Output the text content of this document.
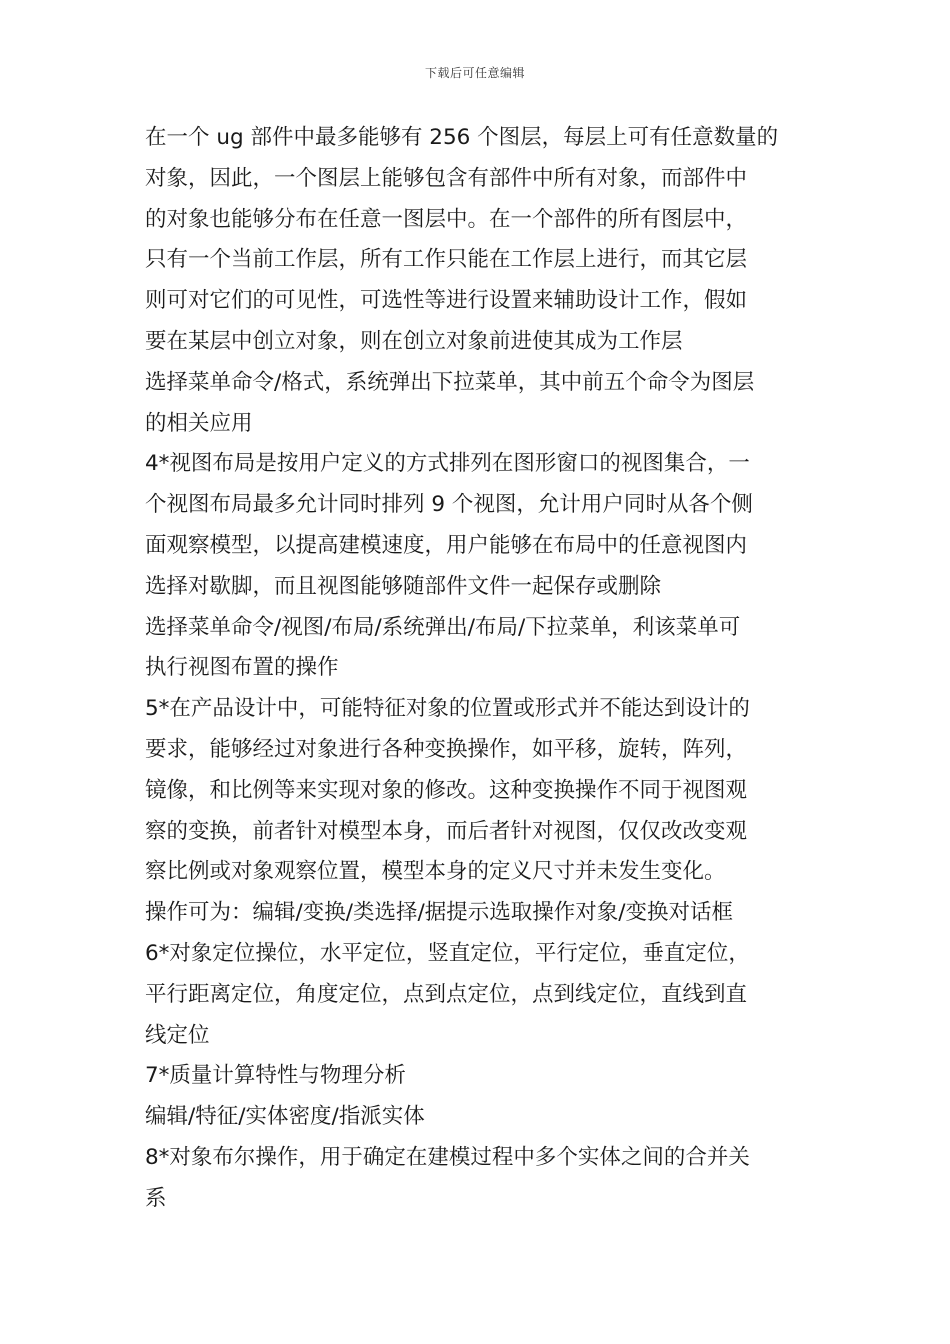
下载后可任意编辑
在一个 ug 部件中最多能够有 256 个图层，每层上可有任意数量的
对象，因此，一个图层上能够包含有部件中所有对象，而部件中
的对象也能够分布在任意一图层中。在一个部件的所有图层中，
只有一个当前工作层，所有工作只能在工作层上进行，而其它层
则可对它们的可见性，可选性等进行设置来辅助设计工作，假如
要在某层中创立对象，则在创立对象前进使其成为工作层
选择菜单命令/格式，系统弹出下拉菜单，其中前五个命令为图层
的相关应用
4*视图布局是按用户定义的方式排列在图形窗口的视图集合，一
个视图布局最多允计同时排列 9 个视图，允计用户同时从各个侧
面观察模型，以提高建模速度，用户能够在布局中的任意视图内
选择对歇脚，而且视图能够随部件文件一起保存或删除
选择菜单命令/视图/布局/系统弹出/布局/下拉菜单，利该菜单可
执行视图布置的操作
5*在产品设计中，可能特征对象的位置或形式并不能达到设计的
要求，能够经过对象进行各种变换操作，如平移，旋转，阵列，
镜像，和比例等来实现对象的修改。这种变换操作不同于视图观
察的变换，前者针对模型本身，而后者针对视图，仅仅改改变观
察比例或对象观察位置，模型本身的定义尺寸并未发生变化。
操作可为：编辑/变换/类选择/据提示选取操作对象/变换对话框
6*对象定位操位，水平定位，竖直定位，平行定位，垂直定位，
平行距离定位，角度定位，点到点定位，点到线定位，直线到直
线定位
7*质量计算特性与物理分析
编辑/特征/实体密度/指派实体
8*对象布尔操作，用于确定在建模过程中多个实体之间的合并关
系
